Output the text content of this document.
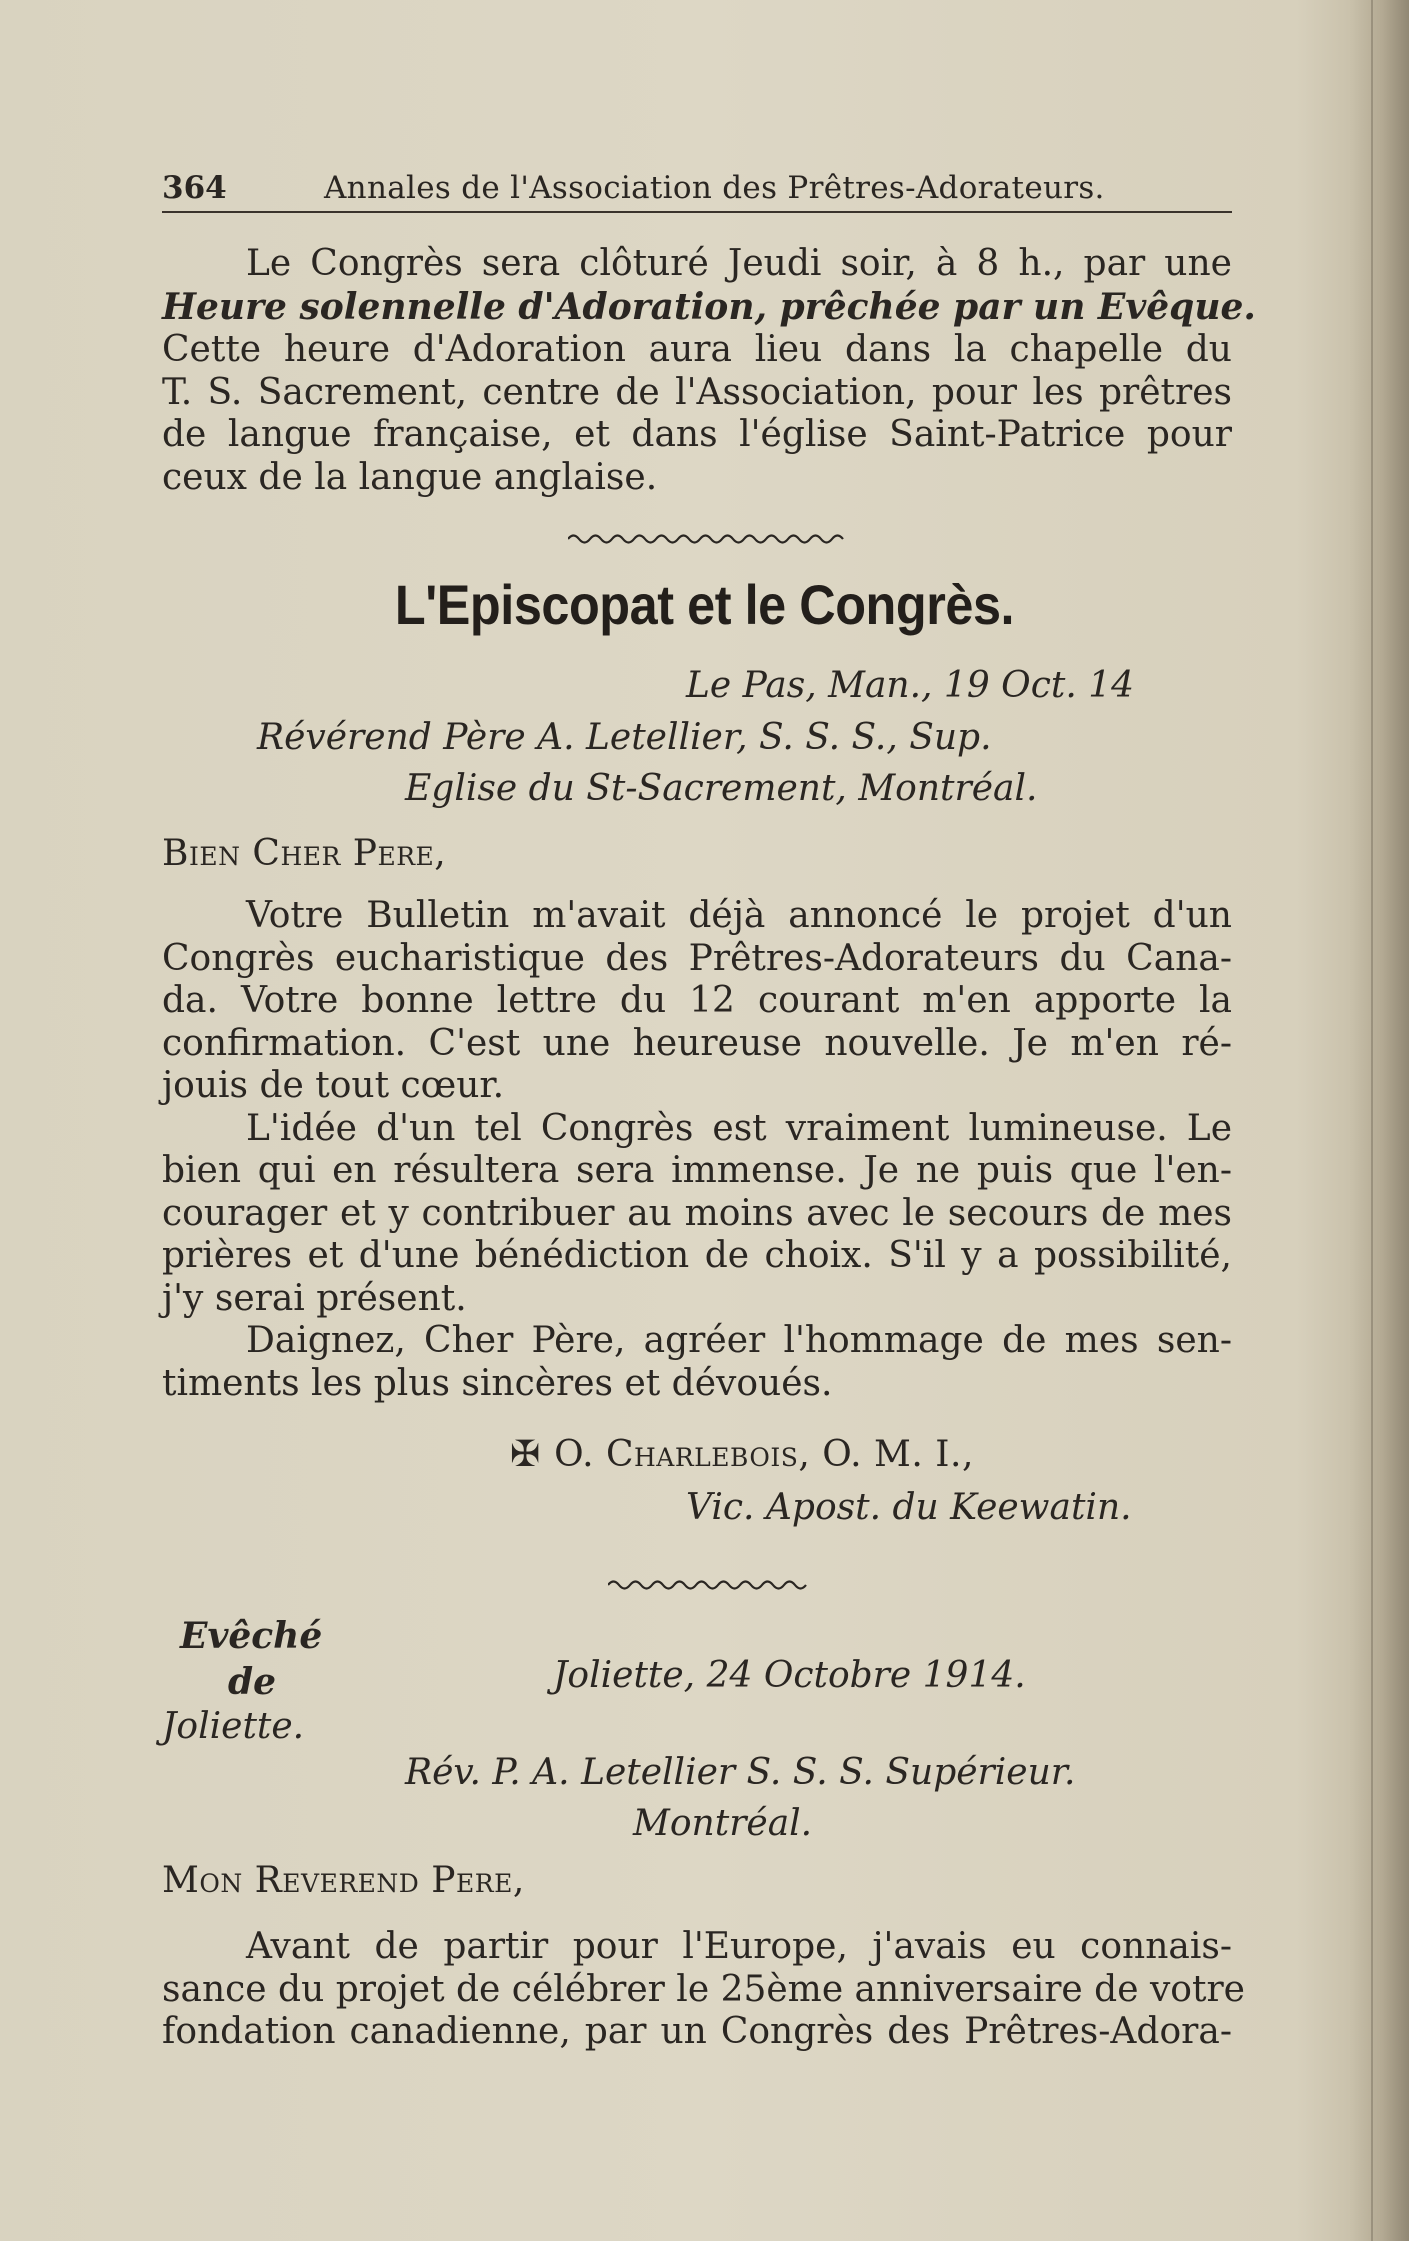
364	Annales de l'Association des Prêtres-Adorateurs.
Le Congrès sera clôturé Jeudi soir, à 8 h., par une
Heure solennelle d'Adoration, prêchée par un Evêque.
Cette heure d'Adoration aura lieu dans la chapelle du
T. S. Sacrement, centre de l'Association, pour les prêtres
de langue française, et dans l'église Saint-Patrice pour
ceux de la langue anglaise.
L'Episcopat et le Congrès.
Le Pas, Man., 19 Oct. 14
Révérend Père A. Letellier, S. S. S., Sup.
Eglise du St-Sacrement, Montréal.
Bien Cher Pere,
Votre Bulletin m'avait déjà annoncé le projet d'un
Congrès eucharistique des Prêtres-Adorateurs du Cana-
da. Votre bonne lettre du 12 courant m'en apporte la
confirmation. C'est une heureuse nouvelle. Je m'en ré-
jouis de tout cœur.
L'idée d'un tel Congrès est vraiment lumineuse. Le
bien qui en résultera sera immense. Je ne puis que l'en-
courager et y contribuer au moins avec le secours de mes
prières et d'une bénédiction de choix. S'il y a possibilité,
j'y serai présent.
Daignez, Cher Père, agréer l'hommage de mes sen-
timents les plus sincères et dévoués.
✠ O. Charlebois, O. M. I.,
Vic. Apost. du Keewatin.
Evêché
de
Joliette.
Joliette, 24 Octobre 1914.
Rév. P. A. Letellier S. S. S. Supérieur.
Montréal.
Mon Reverend Pere,
Avant de partir pour l'Europe, j'avais eu connais-
sance du projet de célébrer le 25ème anniversaire de votre
fondation canadienne, par un Congrès des Prêtres-Adora-
